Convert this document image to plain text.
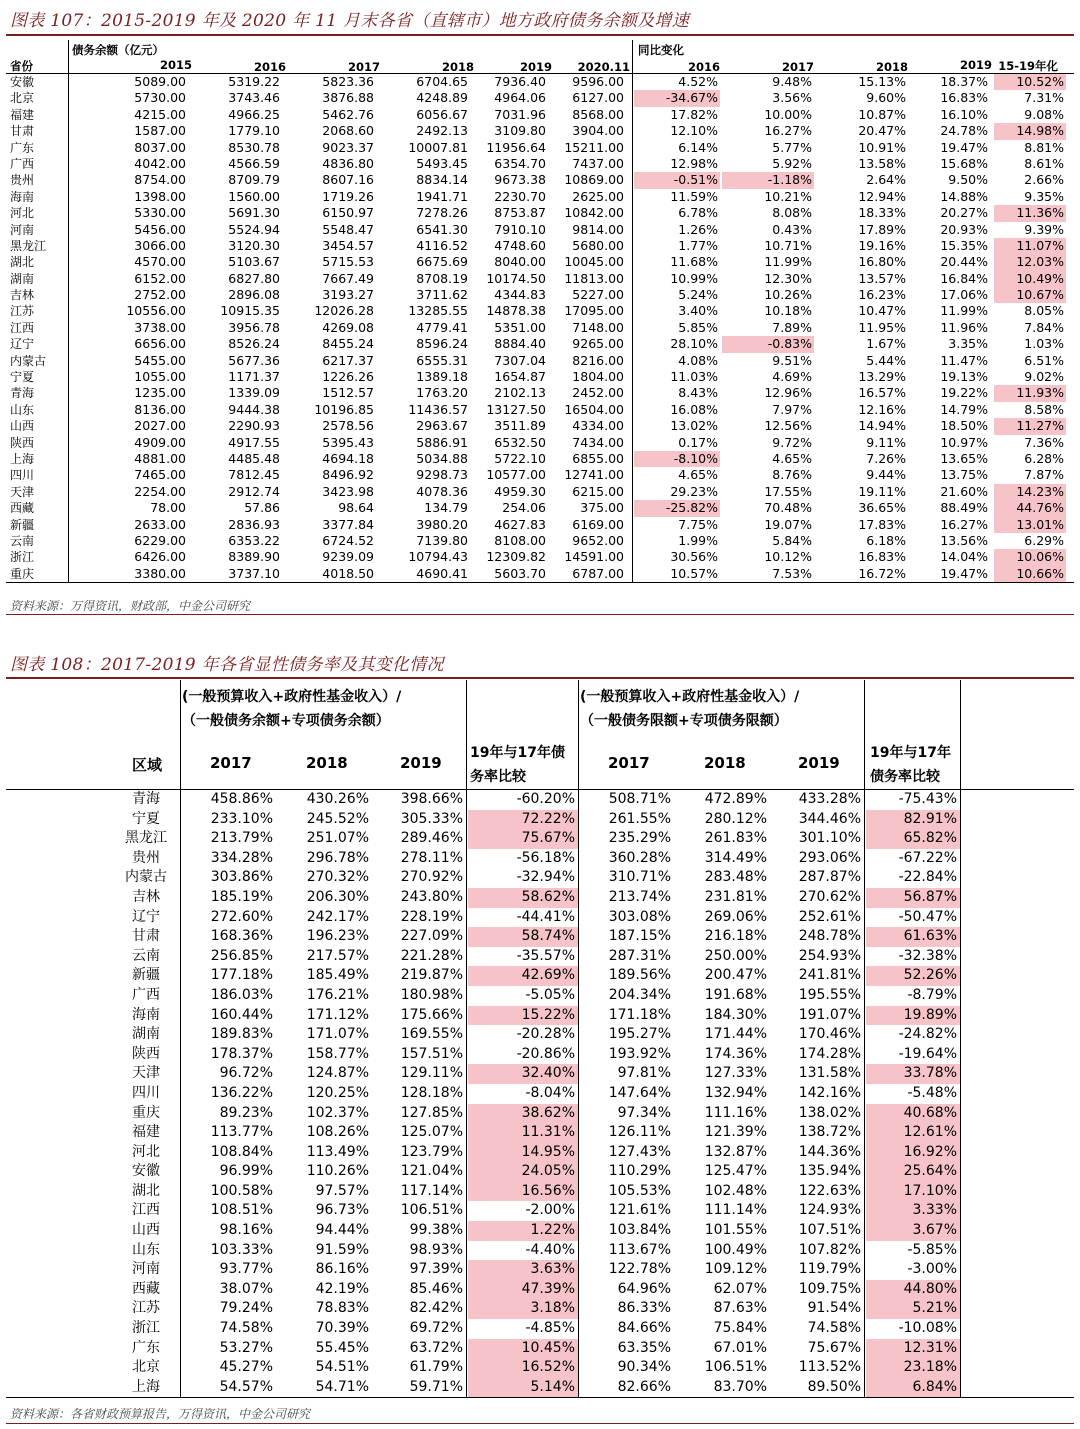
图表 107：2015-2019 年及 2020 年 11 月末各省（直辖市）地方政府债务余额及增速
债务余额（亿元）	同比变化
省份	2015	2016	2017	2018	2019 2020.11	2016	2017	2018	2019 15-19年化
安徽	5089.00	5319.22	5823.36	6704.65	7936.40	9596.00	4.52%	9.48%	15.13%	18.37%	10.52%
北京	5730.00	3743.46	3876.88	4248.89	4964.06	6127.00	-34.67%	3.56%	9.60%	16.83%	7.31%
福建	4215.00	4966.25	5462.76	6056.67	7031.96	8568.00	17.82%	10.00%	10.87%	16.10%	9.08%
甘肃	1587.00	1779.10	2068.60	2492.13	3109.80	3904.00	12.10%	16.27%	20.47%	24.78%	14.98%
广东	8037.00	8530.78	9023.37	10007.81	11956.64	15211.00	6.14%	5.77%	10.91%	19.47%	8.81%
广西	4042.00	4566.59	4836.80	5493.45	6354.70	7437.00	12.98%	5.92%	13.58%	15.68%	8.61%
贵州	8754.00	8709.79	8607.16	8834.14	9673.38	10869.00	-0.51%	-1.18%	2.64%	9.50%	2.66%
海南	1398.00	1560.00	1719.26	1941.71	2230.70	2625.00	11.59%	10.21%	12.94%	14.88%	9.35%
河北	5330.00	5691.30	6150.97	7278.26	8753.87	10842.00	6.78%	8.08%	18.33%	20.27%	11.36%
河南	5456.00	5524.94	5548.47	6541.30	7910.10	9814.00	1.26%	0.43%	17.89%	20.93%	9.39%
黑龙江	3066.00	3120.30	3454.57	4116.52	4748.60	5680.00	1.77%	10.71%	19.16%	15.35%	11.07%
湖北	4570.00	5103.67	5715.53	6675.69	8040.00	10045.00	11.68%	11.99%	16.80%	20.44%	12.03%
湖南	6152.00	6827.80	7667.49	8708.19	10174.50	11813.00	10.99%	12.30%	13.57%	16.84%	10.49%
吉林	2752.00	2896.08	3193.27	3711.62	4344.83	5227.00	5.24%	10.26%	16.23%	17.06%	10.67%
江苏	10556.00	10915.35	12026.28	13285.55	14878.38	17095.00	3.40%	10.18%	10.47%	11.99%	8.05%
江西	3738.00	3956.78	4269.08	4779.41	5351.00	7148.00	5.85%	7.89%	11.95%	11.96%	7.84%
辽宁	6656.00	8526.24	8455.24	8596.24	8884.40	9265.00	28.10%	-0.83%	1.67%	3.35%	1.03%
内蒙古	5455.00	5677.36	6217.37	6555.31	7307.04	8216.00	4.08%	9.51%	5.44%	11.47%	6.51%
宁夏	1055.00	1171.37	1226.26	1389.18	1654.87	1804.00	11.03%	4.69%	13.29%	19.13%	9.02%
青海	1235.00	1339.09	1512.57	1763.20	2102.13	2452.00	8.43%	12.96%	16.57%	19.22%	11.93%
山东	8136.00	9444.38	10196.85	11436.57	13127.50	16504.00	16.08%	7.97%	12.16%	14.79%	8.58%
山西	2027.00	2290.93	2578.56	2963.67	3511.89	4334.00	13.02%	12.56%	14.94%	18.50%	11.27%
陕西	4909.00	4917.55	5395.43	5886.91	6532.50	7434.00	0.17%	9.72%	9.11%	10.97%	7.36%
上海	4881.00	4485.48	4694.18	5034.88	5722.10	6855.00	-8.10%	4.65%	7.26%	13.65%	6.28%
四川	7465.00	7812.45	8496.92	9298.73	10577.00	12741.00	4.65%	8.76%	9.44%	13.75%	7.87%
天津	2254.00	2912.74	3423.98	4078.36	4959.30	6215.00	29.23%	17.55%	19.11%	21.60%	14.23%
西藏	78.00	57.86	98.64	134.79	254.06	375.00	-25.82%	70.48%	36.65%	88.49%	44.76%
新疆	2633.00	2836.93	3377.84	3980.20	4627.83	6169.00	7.75%	19.07%	17.83%	16.27%	13.01%
云南	6229.00	6353.22	6724.52	7139.80	8108.00	9652.00	1.99%	5.84%	6.18%	13.56%	6.29%
浙江	6426.00	8389.90	9239.09	10794.43	12309.82	14591.00	30.56%	10.12%	16.83%	14.04%	10.06%
重庆	3380.00	3737.10	4018.50	4690.41	5603.70	6787.00	10.57%	7.53%	16.72%	19.47%	10.66%
资料来源：万得资讯，财政部，中金公司研究
图表 108：2017-2019 年各省显性债务率及其变化情况
(一般预算收入+政府性基金收入）/
（一般债务余额+专项债务余额）
(一般预算收入+政府性基金收入）/
（一般债务限额+专项债务限额）
区域	2017	2018	2019
19年与17年债
务率比较
2017	2018	2019
19年与17年
债务率比较
青海	458.86%	430.26%	398.66%	-60.20%	508.71%	472.89%	433.28%	-75.43%
宁夏	233.10%	245.52%	305.33%	72.22%	261.55%	280.12%	344.46%	82.91%
黑龙江	213.79%	251.07%	289.46%	75.67%	235.29%	261.83%	301.10%	65.82%
贵州	334.28%	296.78%	278.11%	-56.18%	360.28%	314.49%	293.06%	-67.22%
内蒙古	303.86%	270.32%	270.92%	-32.94%	310.71%	283.48%	287.87%	-22.84%
吉林	185.19%	206.30%	243.80%	58.62%	213.74%	231.81%	270.62%	56.87%
辽宁	272.60%	242.17%	228.19%	-44.41%	303.08%	269.06%	252.61%	-50.47%
甘肃	168.36%	196.23%	227.09%	58.74%	187.15%	216.18%	248.78%	61.63%
云南	256.85%	217.57%	221.28%	-35.57%	287.31%	250.00%	254.93%	-32.38%
新疆	177.18%	185.49%	219.87%	42.69%	189.56%	200.47%	241.81%	52.26%
广西	186.03%	176.21%	180.98%	-5.05%	204.34%	191.68%	195.55%	-8.79%
海南	160.44%	171.12%	175.66%	15.22%	171.18%	184.30%	191.07%	19.89%
湖南	189.83%	171.07%	169.55%	-20.28%	195.27%	171.44%	170.46%	-24.82%
陕西	178.37%	158.77%	157.51%	-20.86%	193.92%	174.36%	174.28%	-19.64%
天津	96.72%	124.87%	129.11%	32.40%	97.81%	127.33%	131.58%	33.78%
四川	136.22%	120.25%	128.18%	-8.04%	147.64%	132.94%	142.16%	-5.48%
重庆	89.23%	102.37%	127.85%	38.62%	97.34%	111.16%	138.02%	40.68%
福建	113.77%	108.26%	125.07%	11.31%	126.11%	121.39%	138.72%	12.61%
河北	108.84%	113.49%	123.79%	14.95%	127.43%	132.87%	144.36%	16.92%
安徽	96.99%	110.26%	121.04%	24.05%	110.29%	125.47%	135.94%	25.64%
湖北	100.58%	97.57%	117.14%	16.56%	105.53%	102.48%	122.63%	17.10%
江西	108.51%	96.73%	106.51%	-2.00%	121.61%	111.14%	124.93%	3.33%
山西	98.16%	94.44%	99.38%	1.22%	103.84%	101.55%	107.51%	3.67%
山东	103.33%	91.59%	98.93%	-4.40%	113.67%	100.49%	107.82%	-5.85%
河南	93.77%	86.16%	97.39%	3.63%	122.78%	109.12%	119.79%	-3.00%
西藏	38.07%	42.19%	85.46%	47.39%	64.96%	62.07%	109.75%	44.80%
江苏	79.24%	78.83%	82.42%	3.18%	86.33%	87.63%	91.54%	5.21%
浙江	74.58%	70.39%	69.72%	-4.85%	84.66%	75.84%	74.58%	-10.08%
广东	53.27%	55.45%	63.72%	10.45%	63.35%	67.01%	75.67%	12.31%
北京	45.27%	54.51%	61.79%	16.52%	90.34%	106.51%	113.52%	23.18%
上海	54.57%	54.71%	59.71%	5.14%	82.66%	83.70%	89.50%	6.84%
资料来源：各省财政预算报告，万得资讯，中金公司研究
